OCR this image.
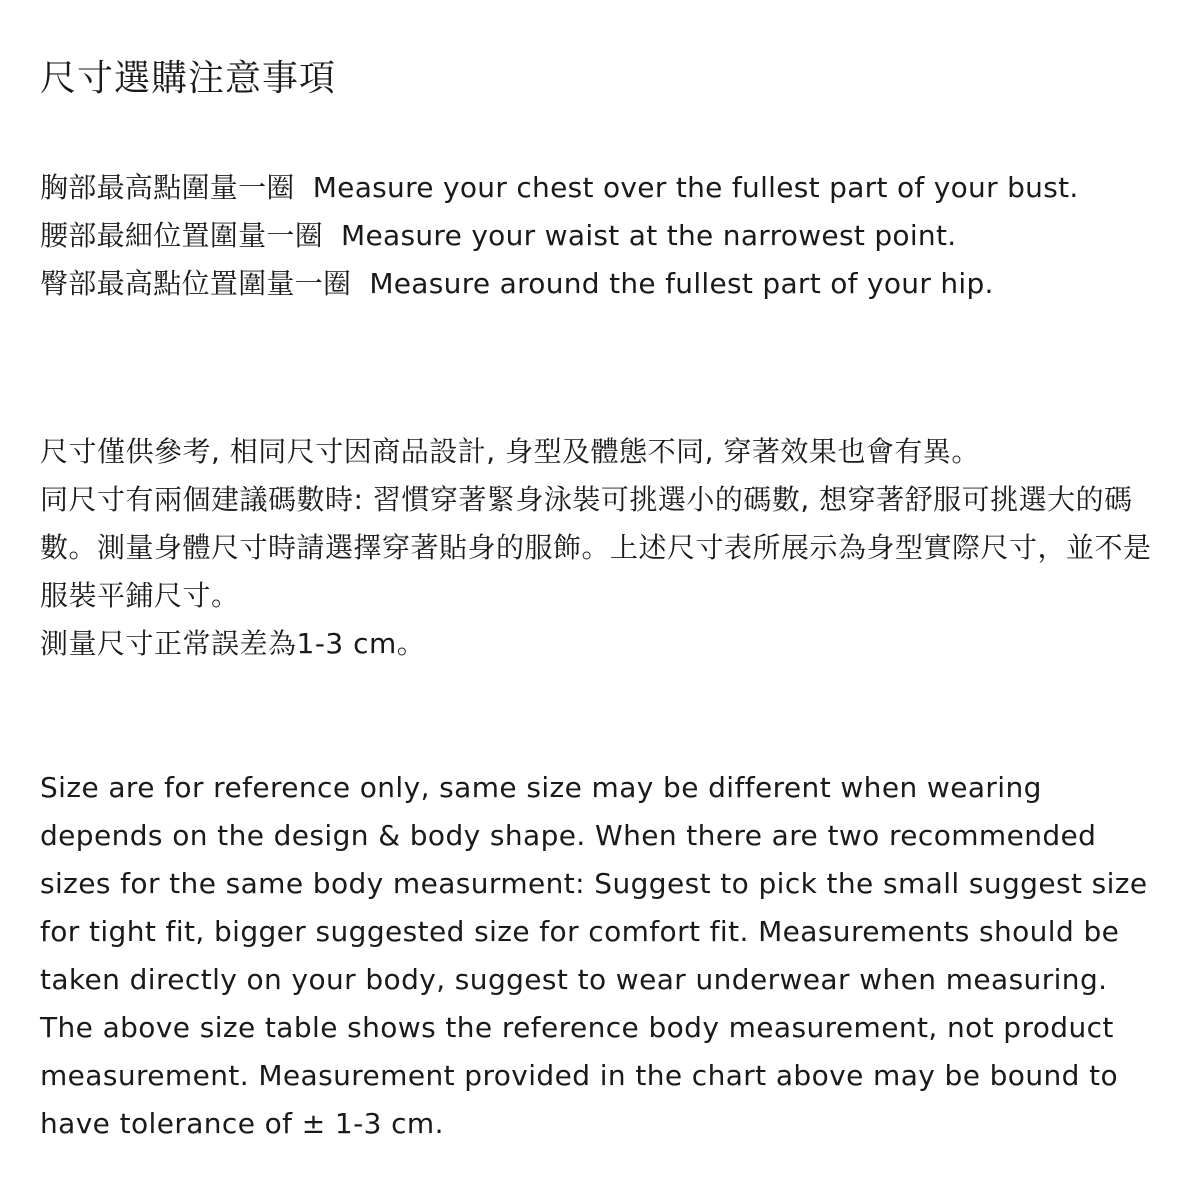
尺寸選購注意事項
胸部最高點圍量一圈 Measure your chest over the fullest part of your bust.
腰部最細位置圍量一圈 Measure your waist at the narrowest point.
臀部最高點位置圍量一圈 Measure around the fullest part of your hip.

尺寸僅供參考, 相同尺寸因商品設計, 身型及體態不同, 穿著效果也會有異。

同尺寸有兩個建議碼數時: 習慣穿著緊身泳裝可挑選小的碼數, 想穿著舒服可挑選大的碼數。測量身體尺寸時請選擇穿著貼身的服飾。上述尺寸表所展示為身型實際尺寸，並不是服裝平鋪尺寸。

測量尺寸正常誤差為1-3 cm。

Size are for reference only, same size may be different when wearing depends on the design & body shape. When there are two recommended sizes for the same body measurment: Suggest to pick the small suggest size for tight fit, bigger suggested size for comfort fit. Measurements should be taken directly on your body, suggest to wear underwear when measuring. The above size table shows the reference body measurement, not product measurement. Measurement provided in the chart above may be bound to have tolerance of ± 1-3 cm.
